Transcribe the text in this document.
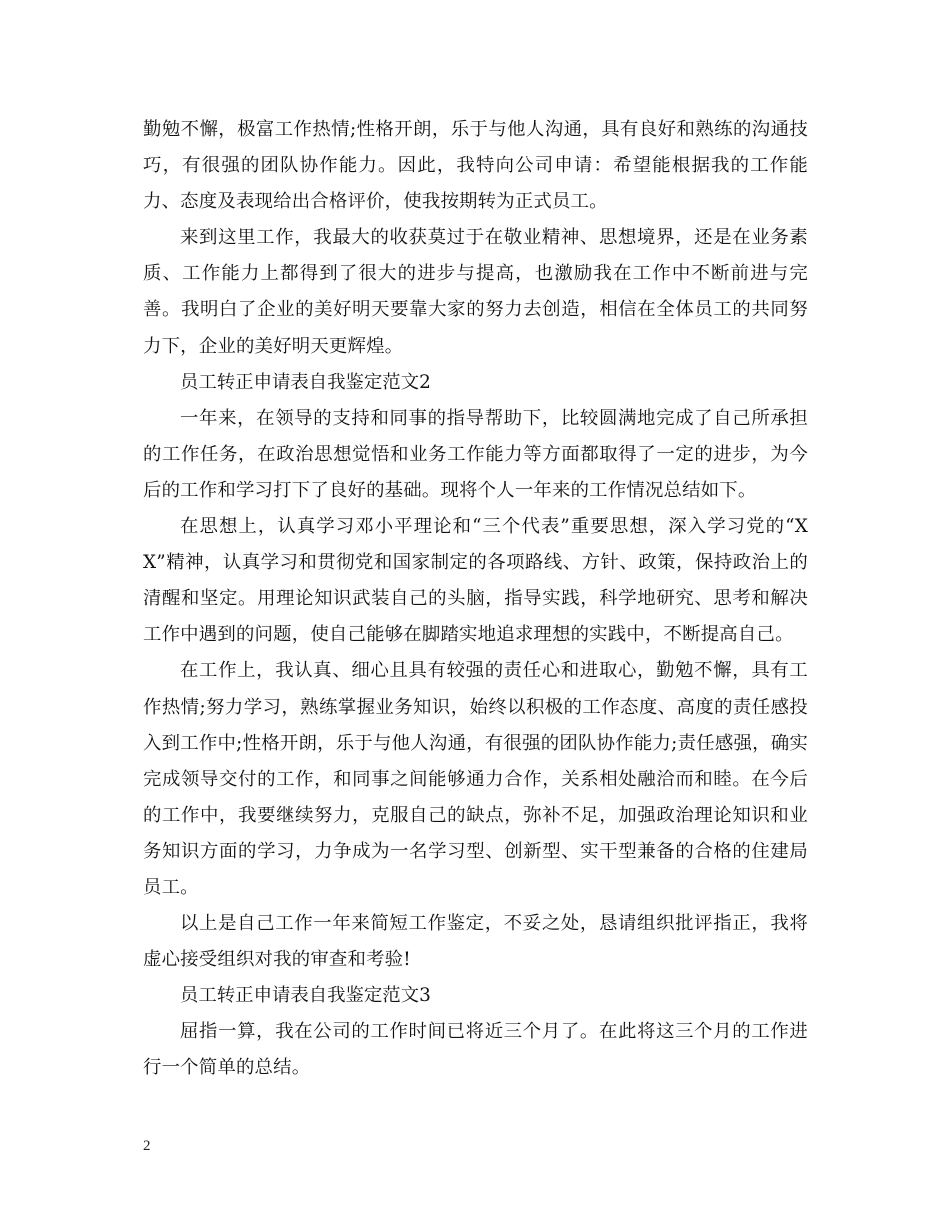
勤勉不懈，极富工作热情;性格开朗，乐于与他人沟通，具有良好和熟练的沟通技巧，有很强的团队协作能力。因此，我特向公司申请：希望能根据我的工作能力、态度及表现给出合格评价，使我按期转为正式员工。

来到这里工作，我最大的收获莫过于在敬业精神、思想境界，还是在业务素质、工作能力上都得到了很大的进步与提高，也激励我在工作中不断前进与完善。我明白了企业的美好明天要靠大家的努力去创造，相信在全体员工的共同努力下，企业的美好明天更辉煌。

员工转正申请表自我鉴定范文2

一年来，在领导的支持和同事的指导帮助下，比较圆满地完成了自己所承担的工作任务，在政治思想觉悟和业务工作能力等方面都取得了一定的进步，为今后的工作和学习打下了良好的基础。现将个人一年来的工作情况总结如下。

在思想上，认真学习邓小平理论和“三个代表”重要思想，深入学习党的“XX”精神，认真学习和贯彻党和国家制定的各项路线、方针、政策，保持政治上的清醒和坚定。用理论知识武装自己的头脑，指导实践，科学地研究、思考和解决工作中遇到的问题，使自己能够在脚踏实地追求理想的实践中，不断提高自己。

在工作上，我认真、细心且具有较强的责任心和进取心，勤勉不懈，具有工作热情;努力学习，熟练掌握业务知识，始终以积极的工作态度、高度的责任感投入到工作中;性格开朗，乐于与他人沟通，有很强的团队协作能力;责任感强，确实完成领导交付的工作，和同事之间能够通力合作，关系相处融洽而和睦。在今后的工作中，我要继续努力，克服自己的缺点，弥补不足，加强政治理论知识和业务知识方面的学习，力争成为一名学习型、创新型、实干型兼备的合格的住建局员工。

以上是自己工作一年来简短工作鉴定，不妥之处，恳请组织批评指正，我将虚心接受组织对我的审查和考验!

员工转正申请表自我鉴定范文3

屈指一算，我在公司的工作时间已将近三个月了。在此将这三个月的工作进行一个简单的总结。

2
